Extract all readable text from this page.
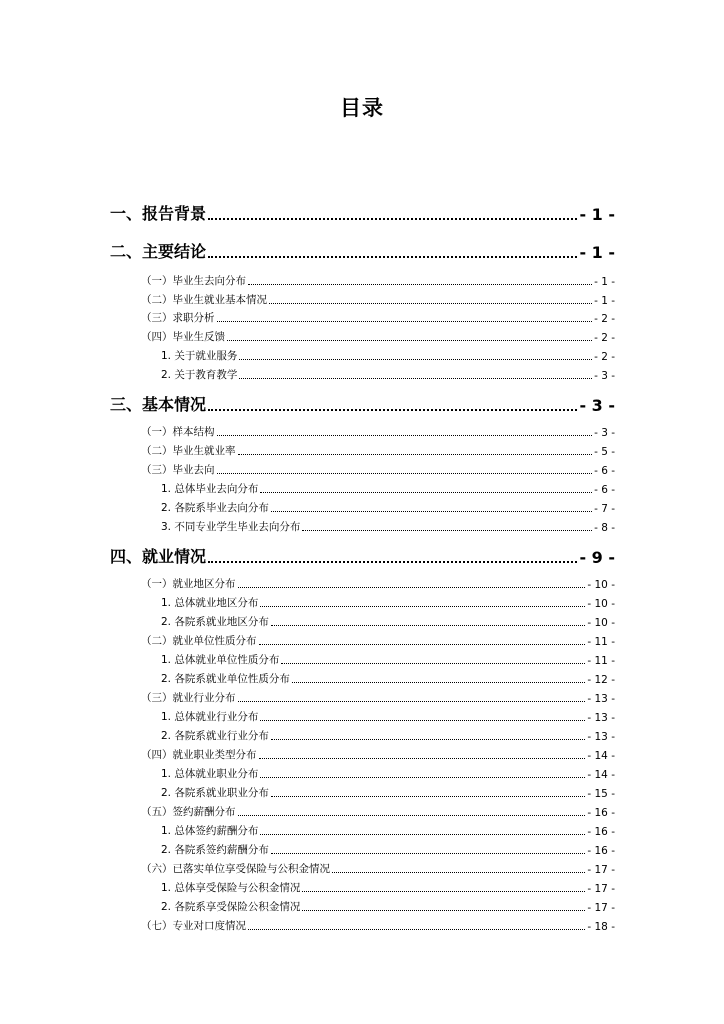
目录
一、报告背景	- 1 -
二、主要结论	- 1 -
（一）毕业生去向分布	- 1 -
（二）毕业生就业基本情况	- 1 -
（三）求职分析	- 2 -
（四）毕业生反馈	- 2 -
1. 关于就业服务	- 2 -
2. 关于教育教学	- 3 -
三、基本情况	- 3 -
（一）样本结构	- 3 -
（二）毕业生就业率	- 5 -
（三）毕业去向	- 6 -
1. 总体毕业去向分布	- 6 -
2. 各院系毕业去向分布	- 7 -
3. 不同专业学生毕业去向分布	- 8 -
四、就业情况	- 9 -
（一）就业地区分布	- 10 -
1. 总体就业地区分布	- 10 -
2. 各院系就业地区分布	- 10 -
（二）就业单位性质分布	- 11 -
1. 总体就业单位性质分布	- 11 -
2. 各院系就业单位性质分布	- 12 -
（三）就业行业分布	- 13 -
1. 总体就业行业分布	- 13 -
2. 各院系就业行业分布	- 13 -
（四）就业职业类型分布	- 14 -
1. 总体就业职业分布	- 14 -
2. 各院系就业职业分布	- 15 -
（五）签约薪酬分布	- 16 -
1. 总体签约薪酬分布	- 16 -
2. 各院系签约薪酬分布	- 16 -
（六）已落实单位享受保险与公积金情况	- 17 -
1. 总体享受保险与公积金情况	- 17 -
2. 各院系享受保险公积金情况	- 17 -
（七）专业对口度情况	- 18 -
